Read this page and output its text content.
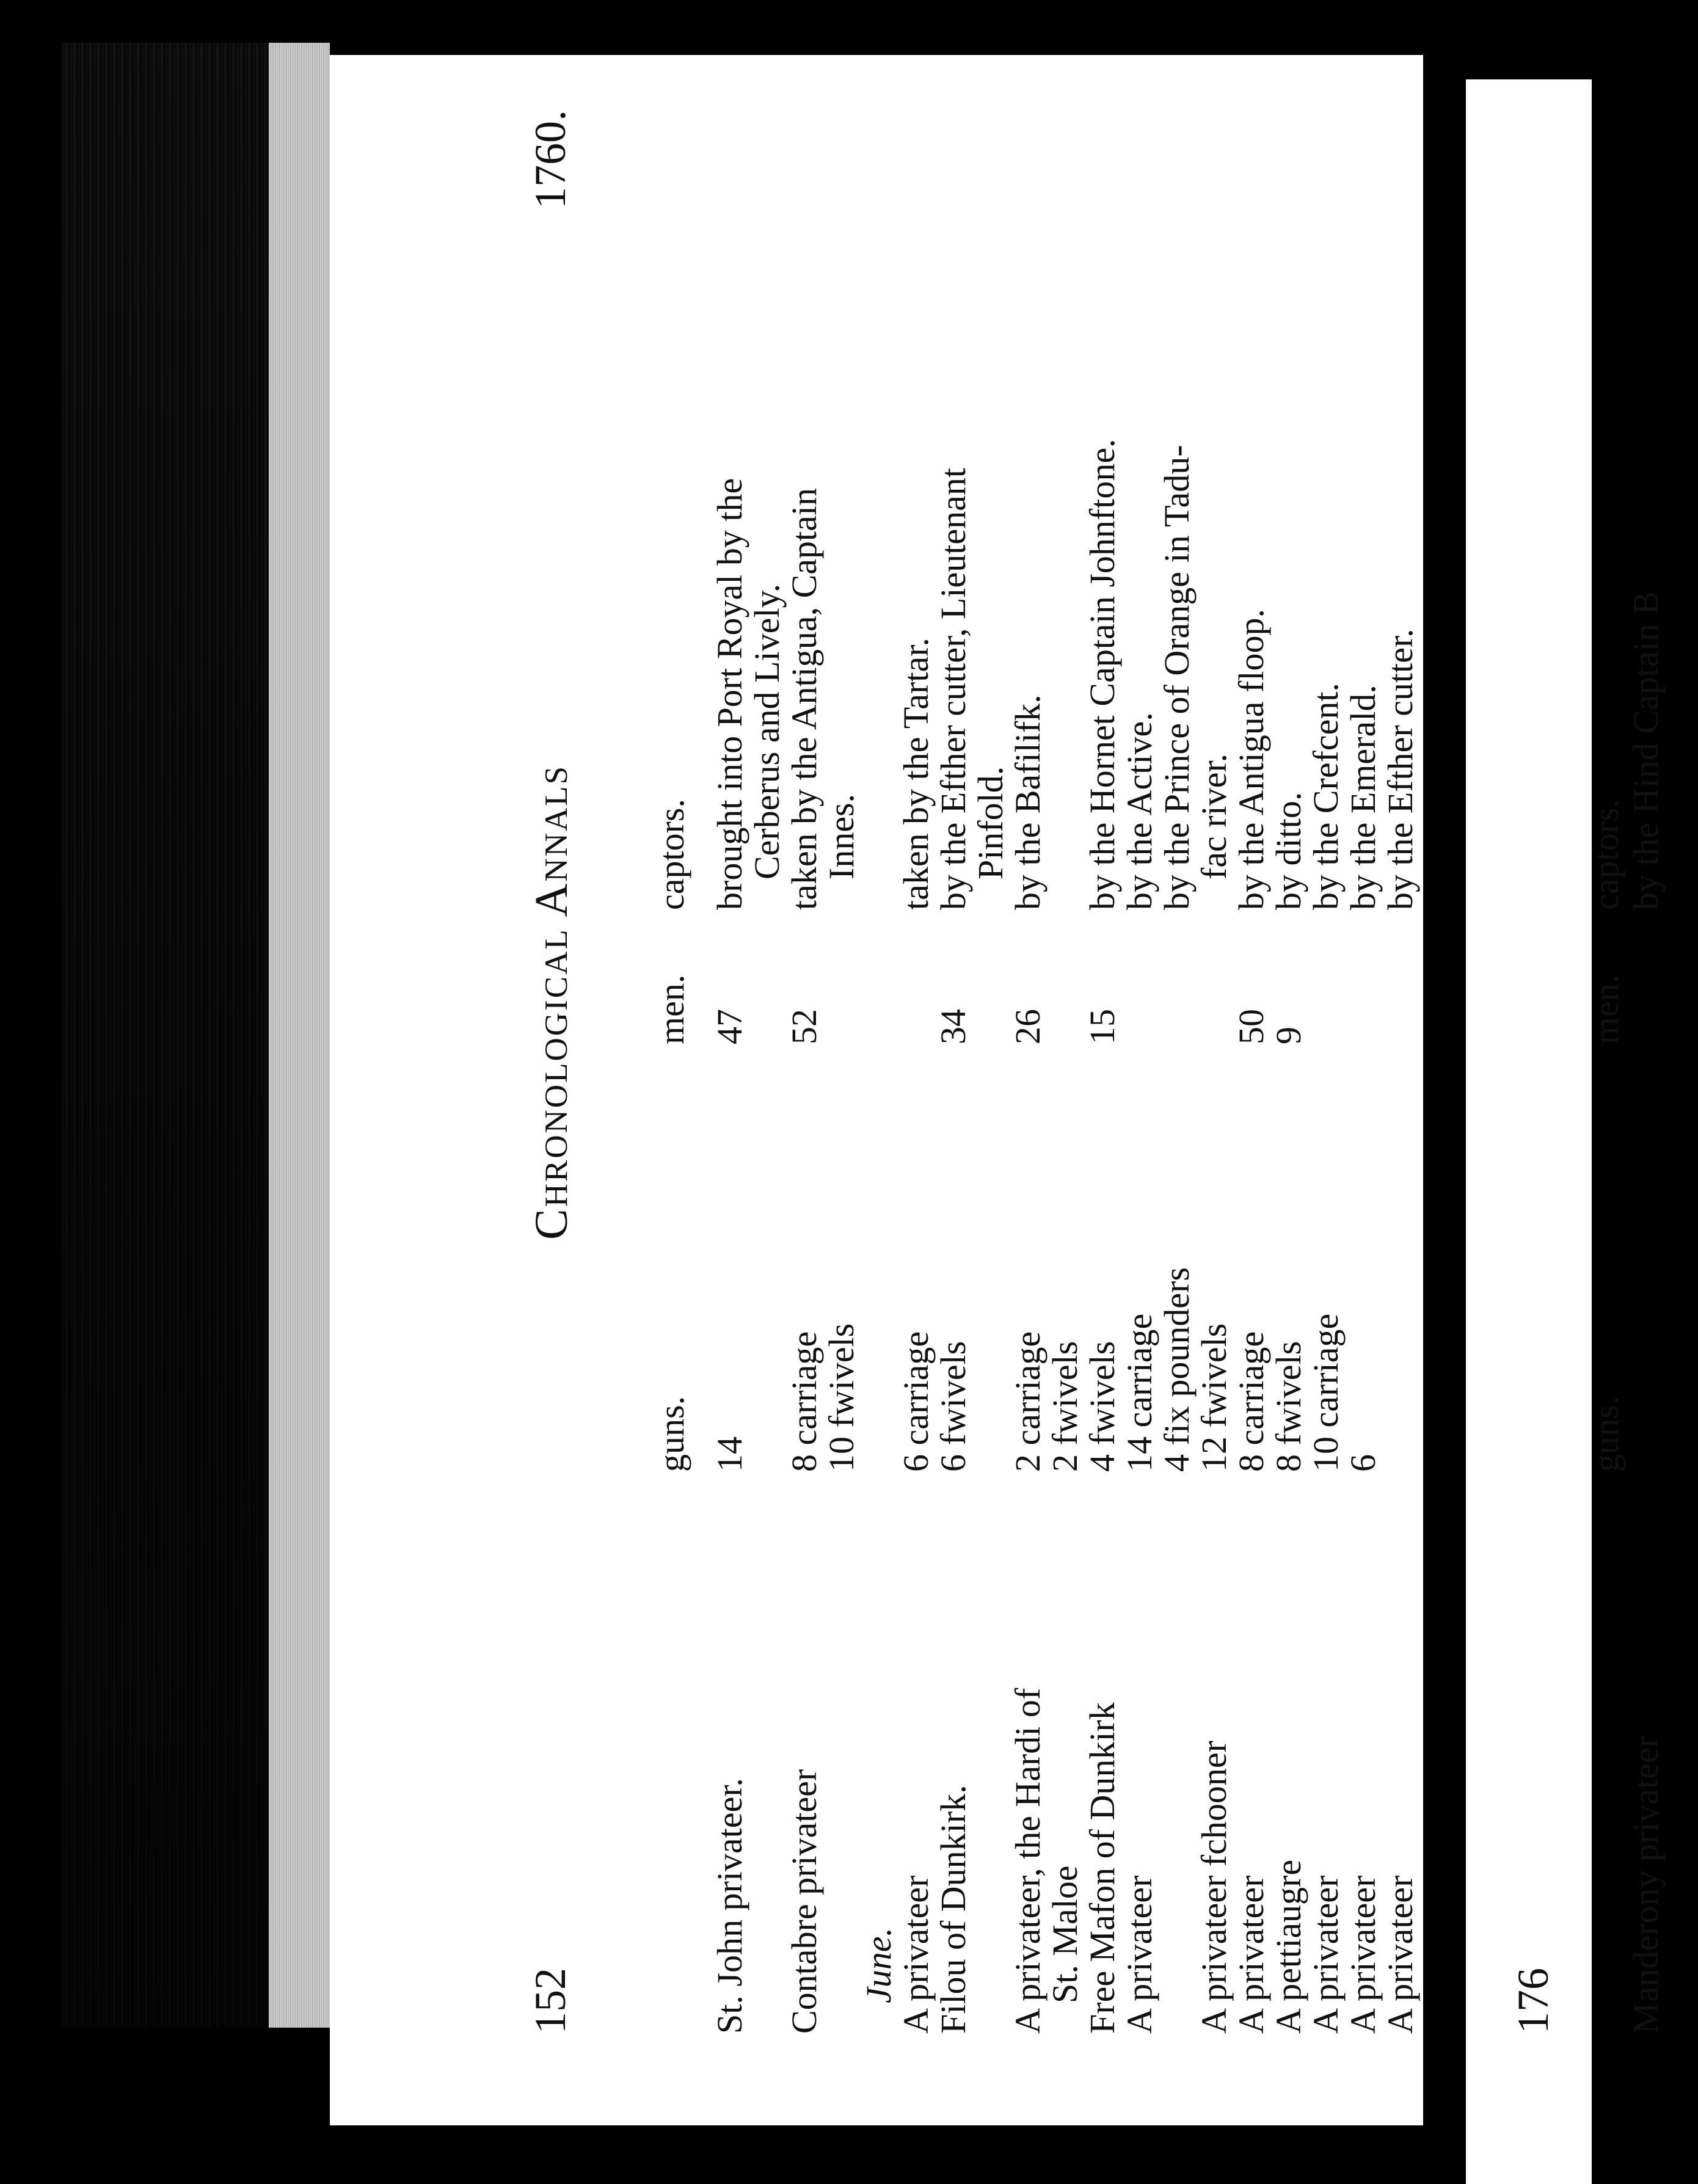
152
Chronological Annals
1760.
guns.
men.
captors.
St. John privateer.
14
47
brought into Port Royal by the
Cerberus and Lively.
Contabre privateer
8 carriage
52
taken by the Antigua, Captain
10 fwivels
Innes.
June.
A privateer
6 carriage
taken by the Tartar.
Filou of Dunkirk.
6 fwivels
34
by the Efther cutter, Lieutenant
Pinfold.
A privateer, the Hardi of
2 carriage
26
by the Bafilifk.
St. Maloe
2 fwivels
Free Mafon of Dunkirk
4 fwivels
15
by the Hornet Captain Johnftone.
A privateer
14 carriage
by the Active.
4 fix pounders
by the Prince of Orange in Tadu-
A privateer fchooner
12 fwivels
fac river.
A privateer
8 carriage
50
by the Antigua floop.
A pettiaugre
8 fwivels
9
by ditto.
A privateer
10 carriage
by the Crefcent.
A privateer
6
by the Emerald.
A privateer
by the Efther cutter.
176
guns.
men.
captors.
Manderony privateer
by the Hind Captain B
